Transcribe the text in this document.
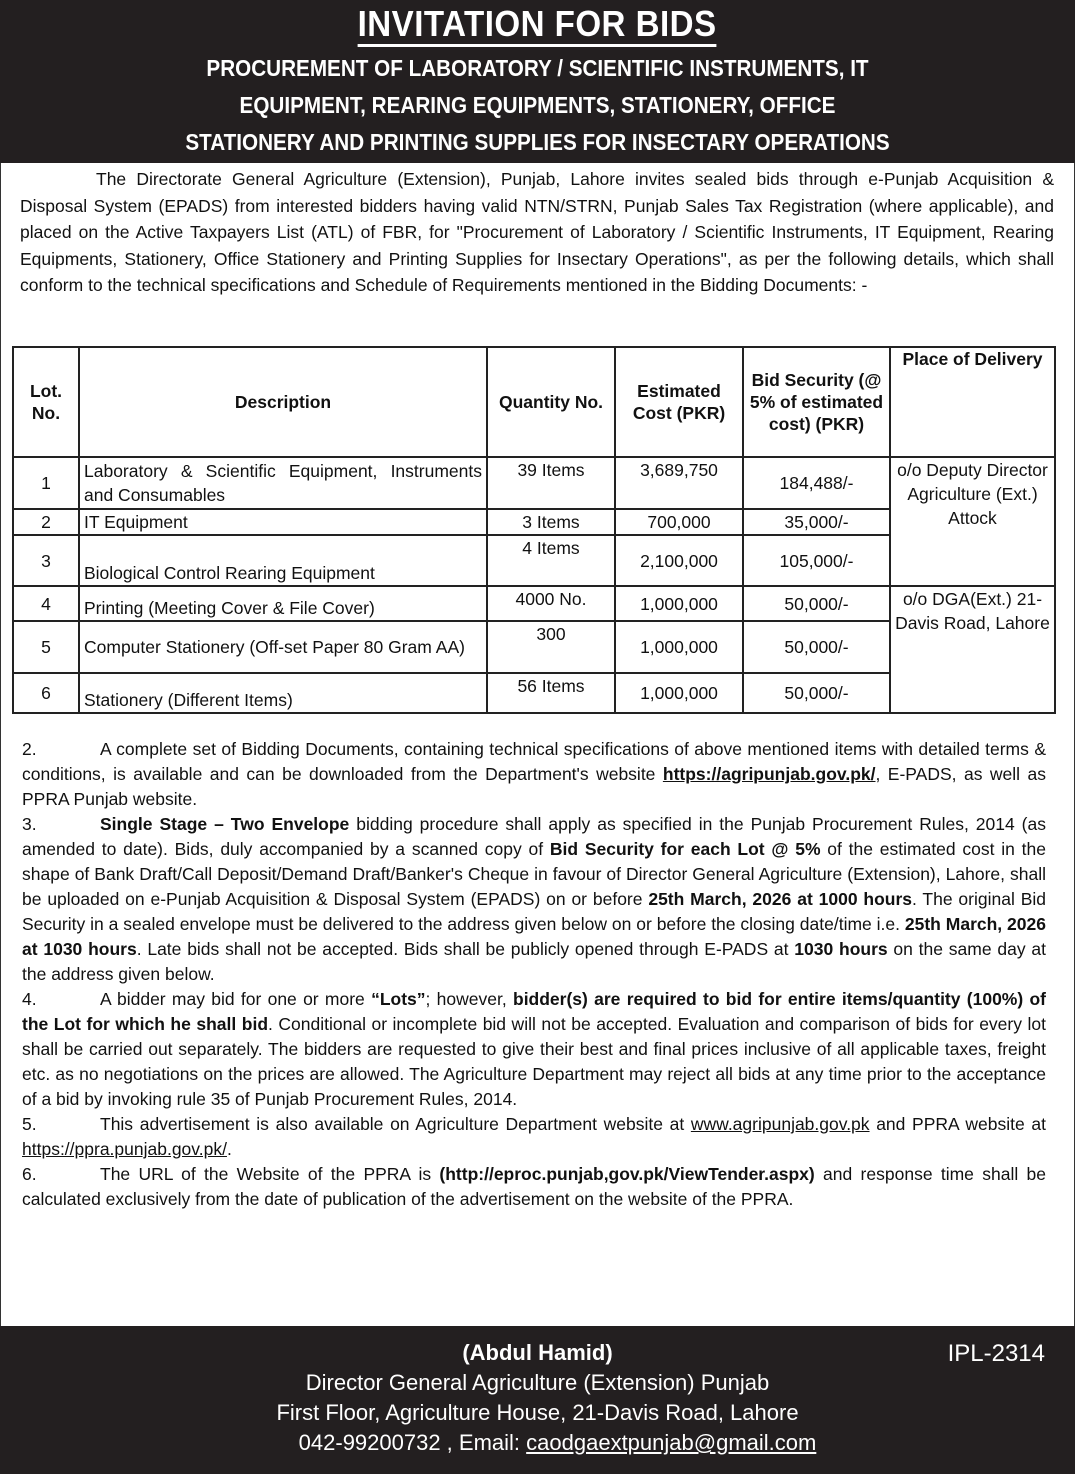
INVITATION FOR BIDS
PROCUREMENT OF LABORATORY / SCIENTIFIC INSTRUMENTS, IT
EQUIPMENT, REARING EQUIPMENTS, STATIONERY, OFFICE
STATIONERY AND PRINTING SUPPLIES FOR INSECTARY OPERATIONS

The Directorate General Agriculture (Extension), Punjab, Lahore invites sealed bids through e-Punjab Acquisition & Disposal System (EPADS) from interested bidders having valid NTN/STRN, Punjab Sales Tax Registration (where applicable), and placed on the Active Taxpayers List (ATL) of FBR, for "Procurement of Laboratory / Scientific Instruments, IT Equipment, Rearing Equipments, Stationery, Office Stationery and Printing Supplies for Insectary Operations", as per the following details, which shall conform to the technical specifications and Schedule of Requirements mentioned in the Bidding Documents: -

Lot. No.	Description	Quantity No.	Estimated Cost (PKR)	Bid Security (@ 5% of estimated cost) (PKR)	Place of Delivery
1	Laboratory & Scientific Equipment, Instruments and Consumables	39 Items	3,689,750	184,488/-	o/o Deputy Director Agriculture (Ext.) Attock
2	IT Equipment	3 Items	700,000	35,000/-	
3	Biological Control Rearing Equipment	4 Items	2,100,000	105,000/-	
4	Printing (Meeting Cover & File Cover)	4000 No.	1,000,000	50,000/-	o/o DGA(Ext.) 21-Davis Road, Lahore
5	Computer Stationery (Off-set Paper 80 Gram AA)	300	1,000,000	50,000/-	
6	Stationery (Different Items)	56 Items	1,000,000	50,000/-	

2.	A complete set of Bidding Documents, containing technical specifications of above mentioned items with detailed terms & conditions, is available and can be downloaded from the Department's website https://agripunjab.gov.pk/, E-PADS, as well as PPRA Punjab website.

3.	Single Stage – Two Envelope bidding procedure shall apply as specified in the Punjab Procurement Rules, 2014 (as amended to date). Bids, duly accompanied by a scanned copy of Bid Security for each Lot @ 5% of the estimated cost in the shape of Bank Draft/Call Deposit/Demand Draft/Banker's Cheque in favour of Director General Agriculture (Extension), Lahore, shall be uploaded on e-Punjab Acquisition & Disposal System (EPADS) on or before 25th March, 2026 at 1000 hours. The original Bid Security in a sealed envelope must be delivered to the address given below on or before the closing date/time i.e. 25th March, 2026 at 1030 hours. Late bids shall not be accepted. Bids shall be publicly opened through E-PADS at 1030 hours on the same day at the address given below.

4.	A bidder may bid for one or more “Lots”; however, bidder(s) are required to bid for entire items/quantity (100%) of the Lot for which he shall bid. Conditional or incomplete bid will not be accepted. Evaluation and comparison of bids for every lot shall be carried out separately. The bidders are requested to give their best and final prices inclusive of all applicable taxes, freight etc. as no negotiations on the prices are allowed. The Agriculture Department may reject all bids at any time prior to the acceptance of a bid by invoking rule 35 of Punjab Procurement Rules, 2014.

5.	This advertisement is also available on Agriculture Department website at www.agripunjab.gov.pk and PPRA website at https://ppra.punjab.gov.pk/.

6.	The URL of the Website of the PPRA is (http://eproc.punjab,gov.pk/ViewTender.aspx) and response time shall be calculated exclusively from the date of publication of the advertisement on the website of the PPRA.

(Abdul Hamid)
Director General Agriculture (Extension) Punjab
First Floor, Agriculture House, 21-Davis Road, Lahore
042-99200732 , Email: caodgaextpunjab@gmail.com
IPL-2314
